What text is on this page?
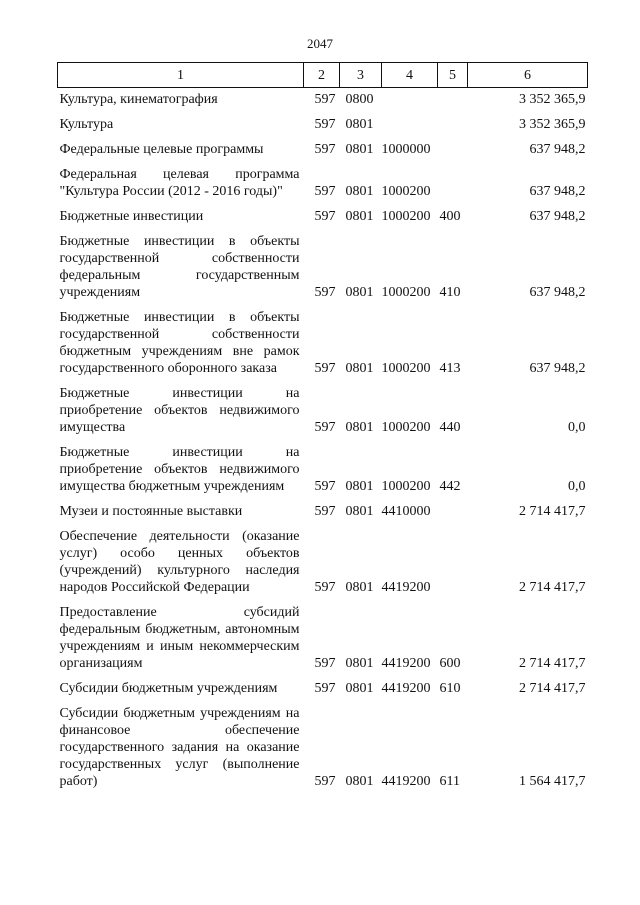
2047
1	2	3	4	5	6
Культура, кинематография	597	0800			3 352 365,9
Культура	597	0801			3 352 365,9
Федеральные целевые программы	597	0801	1000000		637 948,2
Федеральная целевая программа "Культура России (2012 - 2016 годы)"	597	0801	1000200		637 948,2
Бюджетные инвестиции	597	0801	1000200	400	637 948,2
Бюджетные инвестиции в объекты государственной собственности федеральным государственным учреждениям	597	0801	1000200	410	637 948,2
Бюджетные инвестиции в объекты государственной собственности бюджетным учреждениям вне рамок государственного оборонного заказа	597	0801	1000200	413	637 948,2
Бюджетные инвестиции на приобретение объектов недвижимого имущества	597	0801	1000200	440	0,0
Бюджетные инвестиции на приобретение объектов недвижимого имущества бюджетным учреждениям	597	0801	1000200	442	0,0
Музеи и постоянные выставки	597	0801	4410000		2 714 417,7
Обеспечение деятельности (оказание услуг) особо ценных объектов (учреждений) культурного наследия народов Российской Федерации	597	0801	4419200		2 714 417,7
Предоставление субсидий федеральным бюджетным, автономным учреждениям и иным некоммерческим организациям	597	0801	4419200	600	2 714 417,7
Субсидии бюджетным учреждениям	597	0801	4419200	610	2 714 417,7
Субсидии бюджетным учреждениям на финансовое обеспечение государственного задания на оказание государственных услуг (выполнение работ)	597	0801	4419200	611	1 564 417,7
